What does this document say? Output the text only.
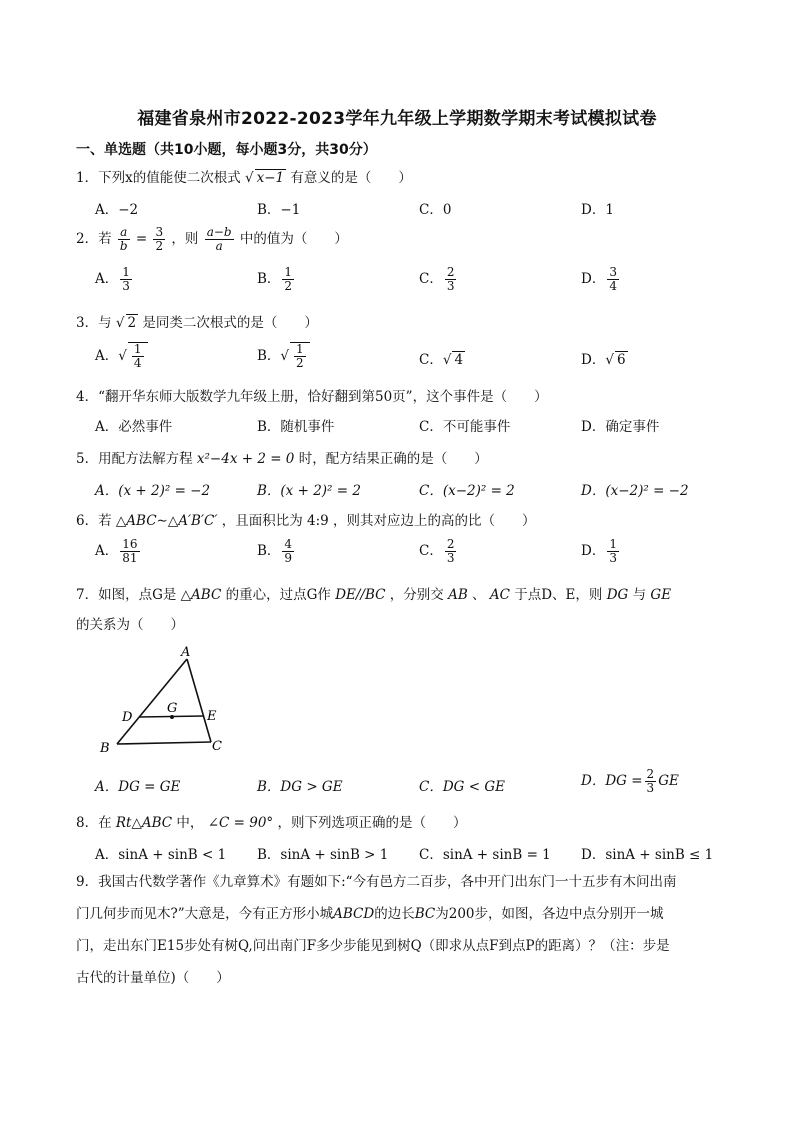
福建省泉州市2022-2023学年九年级上学期数学期末考试模拟试卷
一、单选题（共10小题，每小题3分，共30分）
1．下列x的值能使二次根式 √ x−1 有意义的是（　　）
A．−2	B．−1	C．0	D．1
2．若 $\frac{a}{b} = \frac{3}{2}$ ，则 $\frac{a-b}{a}$ 中的值为（　　）
A． $\frac{1}{3}$	B． $\frac{1}{2}$	C． $\frac{2}{3}$	D． $\frac{3}{4}$
3．与 √ 2 是同类二次根式的是（　　）
A．√ $\frac{1}{4}$	B．√ $\frac{1}{2}$	C．√ 4	D．√ 6
4．“翻开华东师大版数学九年级上册，恰好翻到第50页”，这个事件是（　　）
A．必然事件	B．随机事件	C．不可能事件	D．确定事件
5．用配方法解方程 x²−4x + 2 = 0 时，配方结果正确的是（　　）
A．(x + 2)² = −2	B．(x + 2)² = 2	C．(x−2)² = 2	D．(x−2)² = −2
6．若 △ABC∼△A′B′C′ ，且面积比为 4:9 ，则其对应边上的高的比（　　）
A． $\frac{16}{81}$	B． $\frac{4}{9}$	C． $\frac{2}{3}$	D． $\frac{1}{3}$
7．如图，点G是 △ABC 的重心，过点G作 DE//BC ，分别交 AB 、 AC 于点D、E，则 DG 与 GE
的关系为（　　）
A
B	C
D	E
G
A．DG = GE	B．DG > GE	C．DG < GE	D．DG = $\frac{2}{3}$ GE
8．在 Rt△ABC 中， ∠C = 90° ，则下列选项正确的是（　　）
A．sinA + sinB < 1 B．sinA + sinB > 1 C．sinA + sinB = 1 D．sinA + sinB ≤ 1
9．我国古代数学著作《九章算术》有题如下:“今有邑方二百步，各中开门出东门一十五步有木问出南
门几何步而见木?”大意是，今有正方形小城ABCD的边长BC为200步，如图，各边中点分别开一城
门，走出东门E15步处有树Q,问出南门F多少步能见到树Q（即求从点F到点P的距离）？（注：步是
古代的计量单位)（　　）
